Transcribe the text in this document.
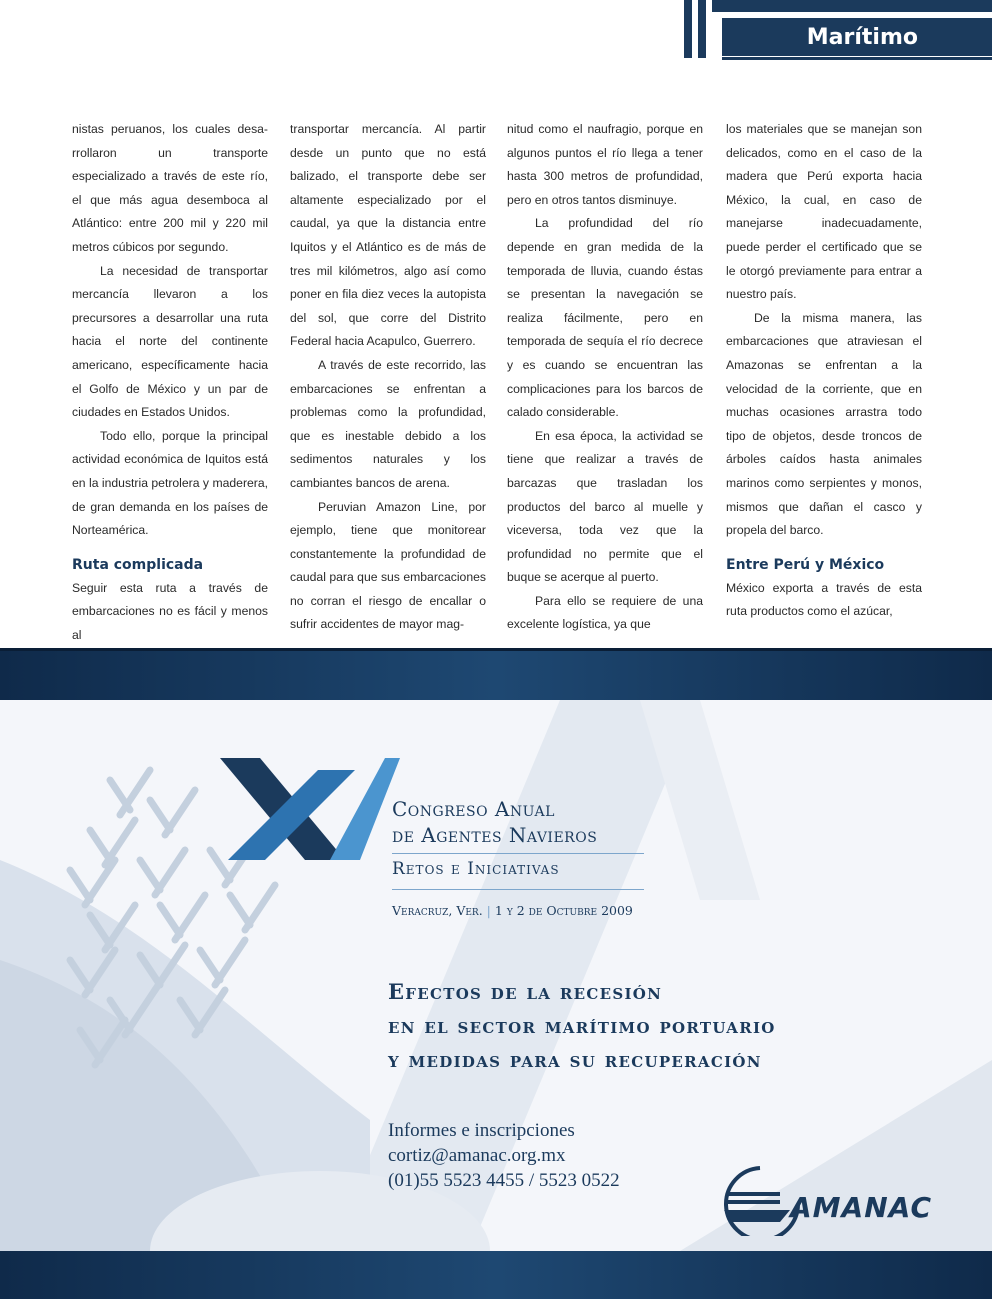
Marítimo

nistas peruanos, los cuales desa-rrollaron un transporte especializado a través de este río, el que más agua desemboca al Atlántico: entre 200 mil y 220 mil metros cúbicos por segundo.

La necesidad de transportar mercancía llevaron a los precursores a desarrollar una ruta hacia el norte del continente americano, específicamente hacia el Golfo de México y un par de ciudades en Estados Unidos.

Todo ello, porque la principal actividad económica de Iquitos está en la industria petrolera y maderera, de gran demanda en los países de Norteamérica.

Ruta complicada

Seguir esta ruta a través de embarcaciones no es fácil y menos al

transportar mercancía. Al partir desde un punto que no está balizado, el transporte debe ser altamente especializado por el caudal, ya que la distancia entre Iquitos y el Atlántico es de más de tres mil kilómetros, algo así como poner en fila diez veces la autopista del sol, que corre del Distrito Federal hacia Acapulco, Guerrero.

A través de este recorrido, las embarcaciones se enfrentan a problemas como la profundidad, que es inestable debido a los sedimentos naturales y los cambiantes bancos de arena.

Peruvian Amazon Line, por ejemplo, tiene que monitorear constantemente la profundidad de caudal para que sus embarcaciones no corran el riesgo de encallar o sufrir accidentes de mayor mag-

nitud como el naufragio, porque en algunos puntos el río llega a tener hasta 300 metros de profundidad, pero en otros tantos disminuye.

La profundidad del río depende en gran medida de la temporada de lluvia, cuando éstas se presentan la navegación se realiza fácilmente, pero en temporada de sequía el río decrece y es cuando se encuentran las complicaciones para los barcos de calado considerable.

En esa época, la actividad se tiene que realizar a través de barcazas que trasladan los productos del barco al muelle y viceversa, toda vez que la profundidad no permite que el buque se acerque al puerto.

Para ello se requiere de una excelente logística, ya que

los materiales que se manejan son delicados, como en el caso de la madera que Perú exporta hacia México, la cual, en caso de manejarse inadecuadamente, puede perder el certificado que se le otorgó previamente para entrar a nuestro país.

De la misma manera, las embarcaciones que atraviesan el Amazonas se enfrentan a la velocidad de la corriente, que en muchas ocasiones arrastra todo tipo de objetos, desde troncos de árboles caídos hasta animales marinos como serpientes y monos, mismos que dañan el casco y propela del barco.

Entre Perú y México

México exporta a través de esta ruta productos como el azúcar,

Congreso Anual
de Agentes Navieros
Retos e Iniciativas
Veracruz, Ver. | 1 y 2 de Octubre 2009
Efectos de la recesión
en el sector marítimo portuario
y medidas para su recuperación
Informes e inscripciones
cortiz@amanac.org.mx
(01)55 5523 4455 / 5523 0522
AMANAC
